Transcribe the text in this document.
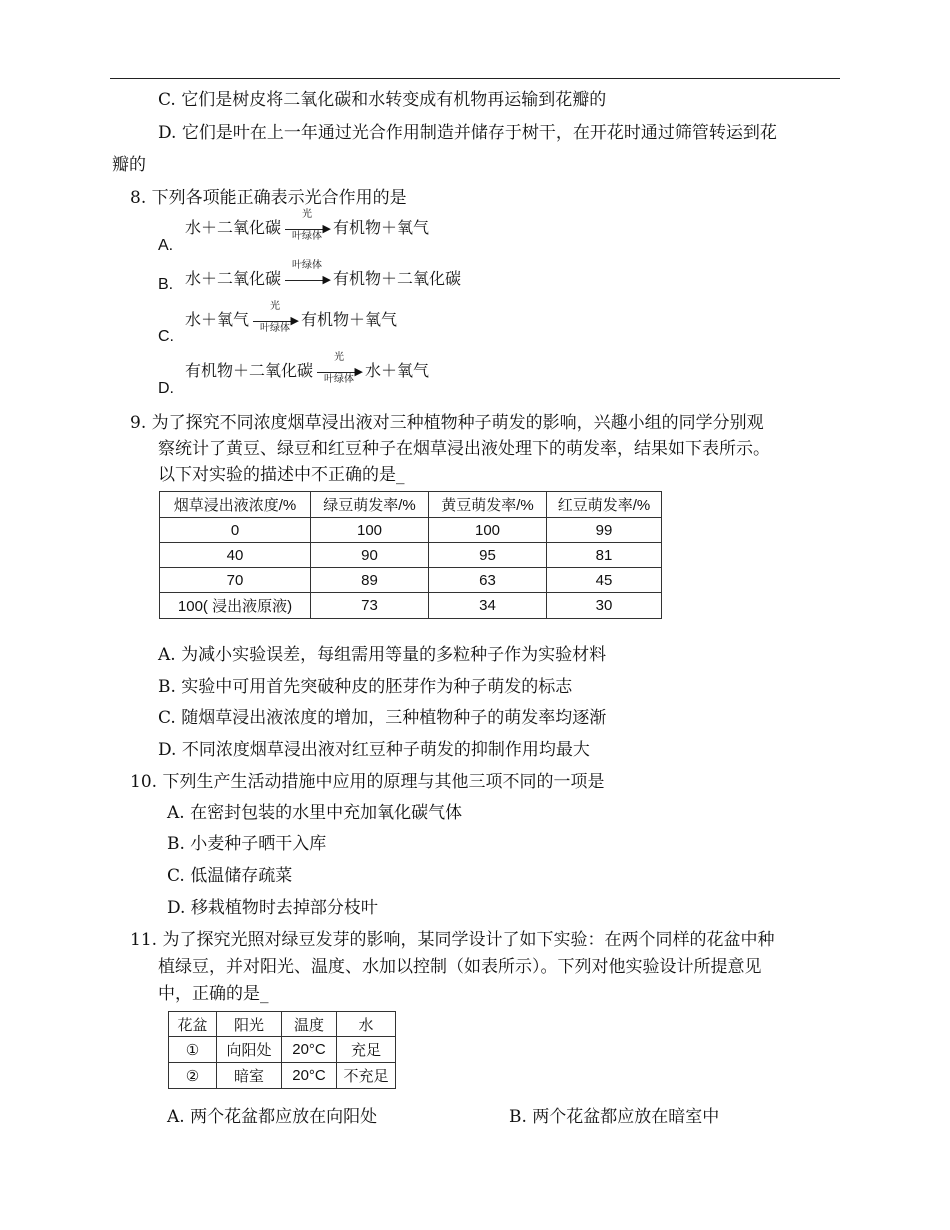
C. 它们是树皮将二氧化碳和水转变成有机物再运输到花瓣的
D. 它们是叶在上一年通过光合作用制造并储存于树干，在开花时通过筛管转运到花
瓣的
8. 下列各项能正确表示光合作用的是
水＋二氧化碳
光
▶
叶绿体 有机物＋氧气
A.
水＋二氧化碳
叶绿体
▶ 有机物＋二氧化碳
B.
水＋氧气
光
▶
叶绿体 有机物＋氧气
C.
有机物＋二氧化碳
光
▶
叶绿体 水＋氧气
D.
9. 为了探究不同浓度烟草浸出液对三种植物种子萌发的影响，兴趣小组的同学分别观
察统计了黄豆、绿豆和红豆种子在烟草浸出液处理下的萌发率，结果如下表所示。
以下对实验的描述中不正确的是_
烟草浸出液浓度/%	绿豆萌发率/%	黄豆萌发率/%	红豆萌发率/%
0	100	100	99
40	90	95	81
70	89	63	45
100( 浸出液原液)	73	34	30
A. 为减小实验误差，每组需用等量的多粒种子作为实验材料
B. 实验中可用首先突破种皮的胚芽作为种子萌发的标志
C. 随烟草浸出液浓度的增加，三种植物种子的萌发率均逐渐
D. 不同浓度烟草浸出液对红豆种子萌发的抑制作用均最大
10. 下列生产生活动措施中应用的原理与其他三项不同的一项是
A. 在密封包装的水里中充加氧化碳气体
B. 小麦种子晒干入库
C. 低温储存疏菜
D. 移栽植物时去掉部分枝叶
11. 为了探究光照对绿豆发芽的影响，某同学设计了如下实验：在两个同样的花盆中种
植绿豆，并对阳光、温度、水加以控制（如表所示）。下列对他实验设计所提意见
中，正确的是_
花盆	阳光	温度	水
①	向阳处	20°C	充足
②	暗室	20°C	不充足
A. 两个花盆都应放在向阳处	B. 两个花盆都应放在暗室中
